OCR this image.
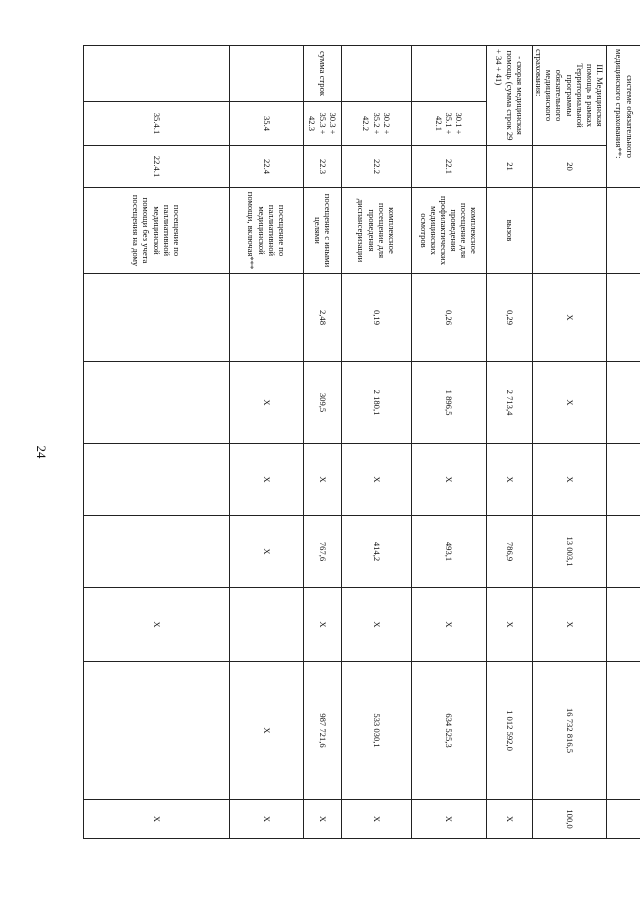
24
системе обязательного медицинского страхования**:										
III. Медицинская помощь в рамках Территориальной программы обязательного медицинского страхования:		20		X	X	X	13 003,1	X	16 732 816,5	100,0
- скорая медицинская помощь (сумма строк 29 + 34 + 41)		21	вызов	0,29	2 713,4	X	786,9	X	1 012 592,0	X
	30.1 + 35.1 + 42.1	22.1	комплексное посещение для проведения профилактических медицинских осмотров	0,26	1 896,5	X	493,1	X	634 525,3	X
	30.2 + 35.2 + 42.2	22.2	комплексное посещение для проведения диспансеризации	0,19	2 180,1	X	414,2	X	533 030,1	X
сумма строк	30.3 + 35.3 + 42.3	22.3	посещение с иными целями	2,48	309,5	X	767,6	X	987 721,6	X
	35.4	22.4	посещение по паллиативной медицинской помощи, включая***		X	X	X		X	X
	35.4.1	22.4.1	посещение по паллиативной медицинской помощи без учета посещения на дому					X		X
